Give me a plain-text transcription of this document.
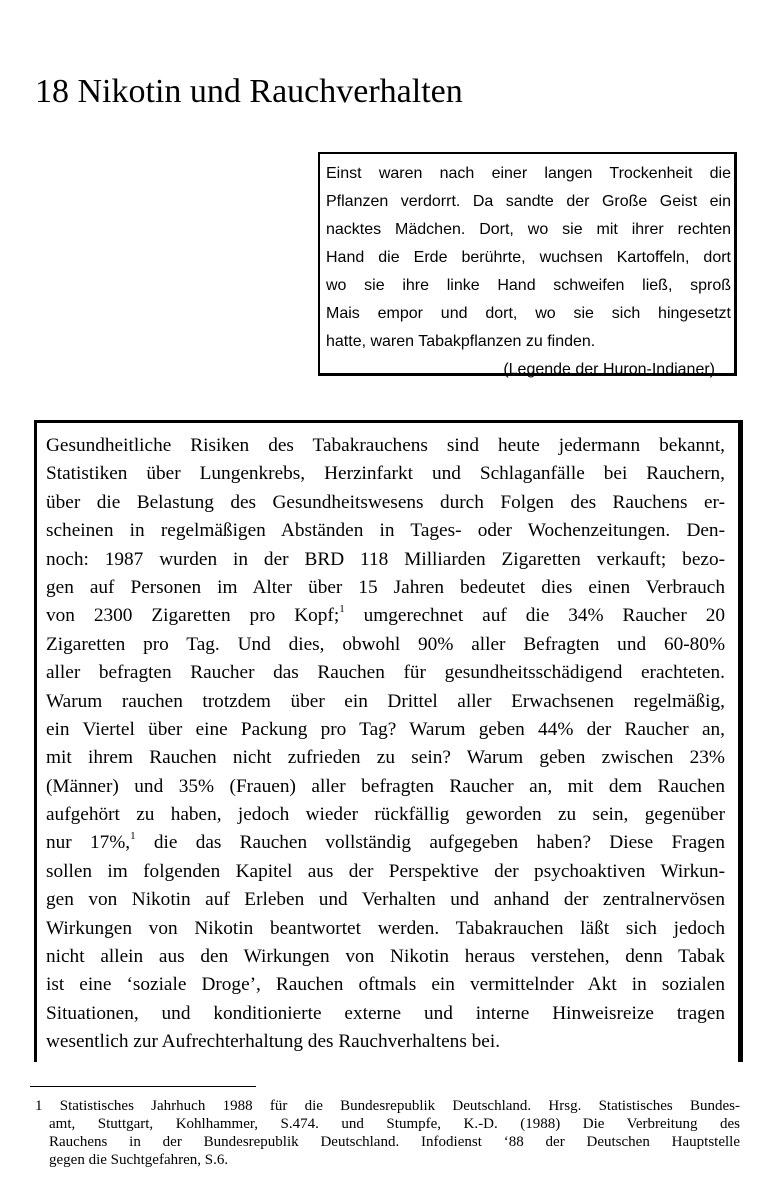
18 Nikotin und Rauchverhalten
Einst waren nach einer langen Trockenheit die
Pflanzen verdorrt. Da sandte der Große Geist ein
nacktes Mädchen. Dort, wo sie mit ihrer rechten
Hand die Erde berührte, wuchsen Kartoffeln, dort
wo sie ihre linke Hand schweifen ließ, sproß
Mais empor und dort, wo sie sich hingesetzt
hatte, waren Tabakpflanzen zu finden.
(Legende der Huron-Indianer)
Gesundheitliche Risiken des Tabakrauchens sind heute jedermann bekannt,
Statistiken über Lungenkrebs, Herzinfarkt und Schlaganfälle bei Rauchern,
über die Belastung des Gesundheitswesens durch Folgen des Rauchens er-
scheinen in regelmäßigen Abständen in Tages- oder Wochenzeitungen. Den-
noch: 1987 wurden in der BRD 118 Milliarden Zigaretten verkauft; bezo-
gen auf Personen im Alter über 15 Jahren bedeutet dies einen Verbrauch
von 2300 Zigaretten pro Kopf;$^1$ umgerechnet auf die 34% Raucher 20
Zigaretten pro Tag. Und dies, obwohl 90% aller Befragten und 60-80%
aller befragten Raucher das Rauchen für gesundheitsschädigend erachteten.
Warum rauchen trotzdem über ein Drittel aller Erwachsenen regelmäßig,
ein Viertel über eine Packung pro Tag? Warum geben 44% der Raucher an,
mit ihrem Rauchen nicht zufrieden zu sein? Warum geben zwischen 23%
(Männer) und 35% (Frauen) aller befragten Raucher an, mit dem Rauchen
aufgehört zu haben, jedoch wieder rückfällig geworden zu sein, gegenüber
nur 17%,$^1$ die das Rauchen vollständig aufgegeben haben? Diese Fragen
sollen im folgenden Kapitel aus der Perspektive der psychoaktiven Wirkun-
gen von Nikotin auf Erleben und Verhalten und anhand der zentralnervösen
Wirkungen von Nikotin beantwortet werden. Tabakrauchen läßt sich jedoch
nicht allein aus den Wirkungen von Nikotin heraus verstehen, denn Tabak
ist eine ‘soziale Droge’, Rauchen oftmals ein vermittelnder Akt in sozialen
Situationen, und konditionierte externe und interne Hinweisreize tragen
wesentlich zur Aufrechterhaltung des Rauchverhaltens bei.
1 Statistisches Jahrhuch 1988 für die Bundesrepublik Deutschland. Hrsg. Statistisches Bundes-
amt, Stuttgart, Kohlhammer, S.474. und Stumpfe, K.-D. (1988) Die Verbreitung des
Rauchens in der Bundesrepublik Deutschland. Infodienst ‘88 der Deutschen Hauptstelle
gegen die Suchtgefahren, S.6.
